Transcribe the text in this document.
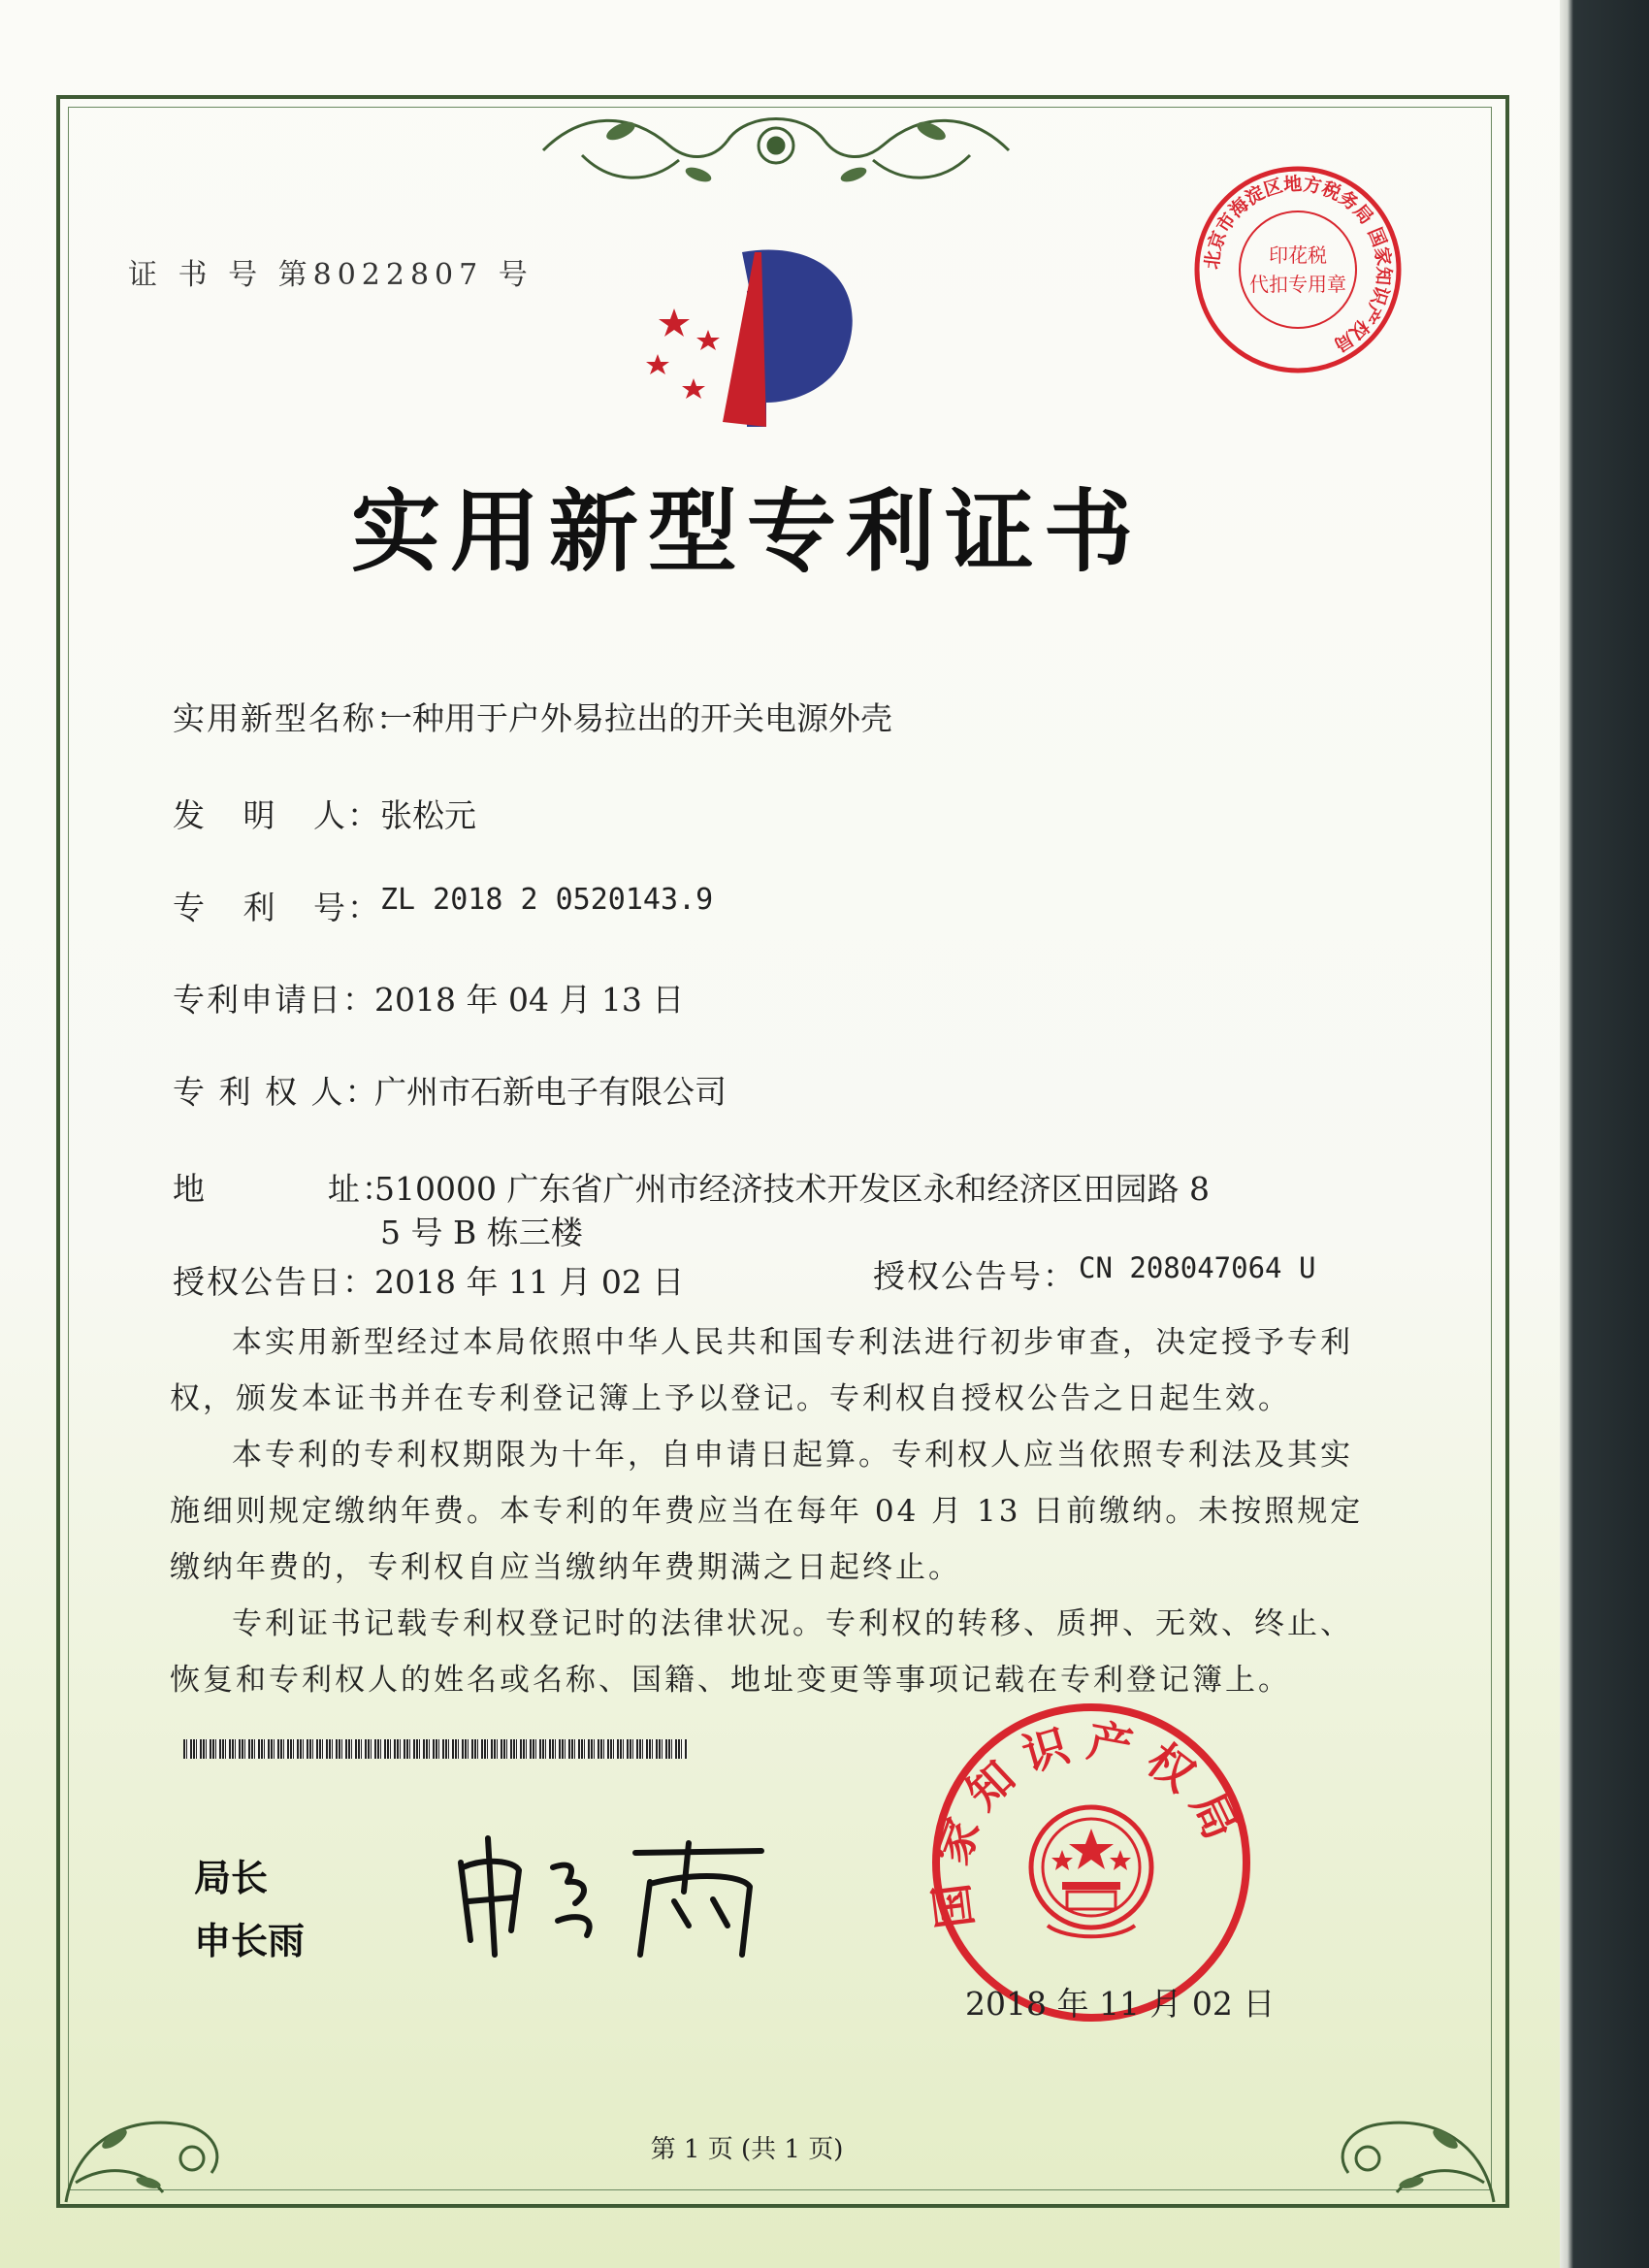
证 书 号 第8022807 号	北京市海淀区地方税务局 国家知识产权局
印花税
代扣专用章
实用新型专利证书
实用新型名称：
一种用于户外易拉出的开关电源外壳
发   明   人： 张松元
专   利   号： ZL 2018 2 0520143.9
专利申请日：
2018 年 04 月 13 日
专 利 权 人：
广州市石新电子有限公司
地          址：
510000 广东省广州市经济技术开发区永和经济区田园路 8
5 号 B 栋三楼
授权公告日：
2018 年 11 月 02 日	授权公告号： CN 208047064 U

本实用新型经过本局依照中华人民共和国专利法进行初步审查，决定授予专利权，颁发本证书并在专利登记簿上予以登记。专利权自授权公告之日起生效。

本专利的专利权期限为十年，自申请日起算。专利权人应当依照专利法及其实施细则规定缴纳年费。本专利的年费应当在每年 04 月 13 日前缴纳。未按照规定缴纳年费的，专利权自应当缴纳年费期满之日起终止。

专利证书记载专利权登记时的法律状况。专利权的转移、质押、无效、终止、恢复和专利权人的姓名或名称、国籍、地址变更等事项记载在专利登记簿上。

局长
申长雨
国家知识产权局
2018 年 11 月 02 日
第 1 页 (共 1 页)
